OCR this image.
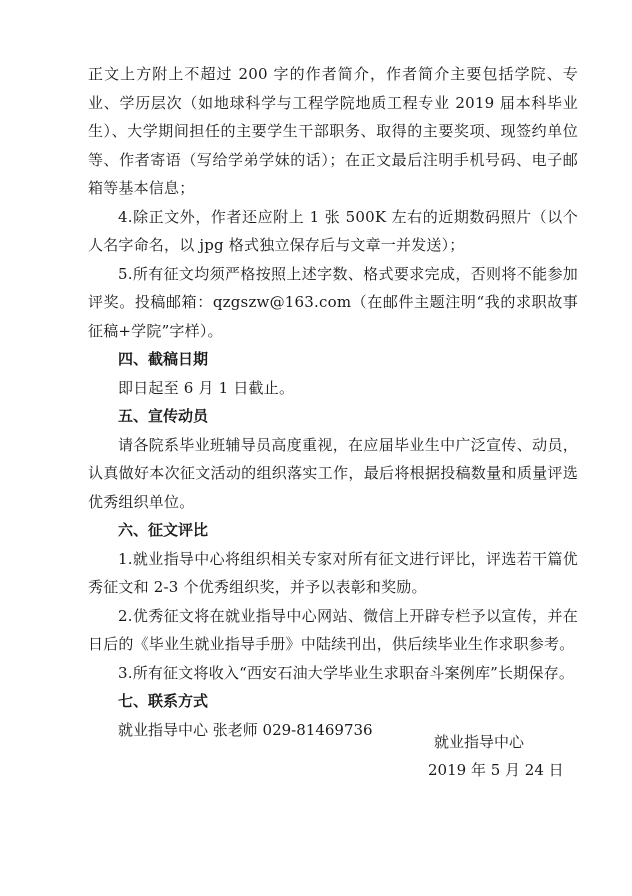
正文上方附上不超过 200 字的作者简介，作者简介主要包括学院、专业、学历层次（如地球科学与工程学院地质工程专业 2019 届本科毕业生）、大学期间担任的主要学生干部职务、取得的主要奖项、现签约单位等、作者寄语（写给学弟学妹的话）；在正文最后注明手机号码、电子邮箱等基本信息；

4.除正文外，作者还应附上 1 张 500K 左右的近期数码照片（以个人名字命名，以 jpg 格式独立保存后与文章一并发送）；

5.所有征文均须严格按照上述字数、格式要求完成，否则将不能参加评奖。投稿邮箱：qzgszw@163.com（在邮件主题注明“我的求职故事征稿+学院”字样）。

四、截稿日期

即日起至 6 月 1 日截止。

五、宣传动员

请各院系毕业班辅导员高度重视，在应届毕业生中广泛宣传、动员，认真做好本次征文活动的组织落实工作，最后将根据投稿数量和质量评选优秀组织单位。

六、征文评比

1.就业指导中心将组织相关专家对所有征文进行评比，评选若干篇优秀征文和 2-3 个优秀组织奖，并予以表彰和奖励。

2.优秀征文将在就业指导中心网站、微信上开辟专栏予以宣传，并在日后的《毕业生就业指导手册》中陆续刊出，供后续毕业生作求职参考。

3.所有征文将收入“西安石油大学毕业生求职奋斗案例库”长期保存。

七、联系方式

就业指导中心 张老师 029-81469736

就业指导中心

2019 年 5 月 24 日
